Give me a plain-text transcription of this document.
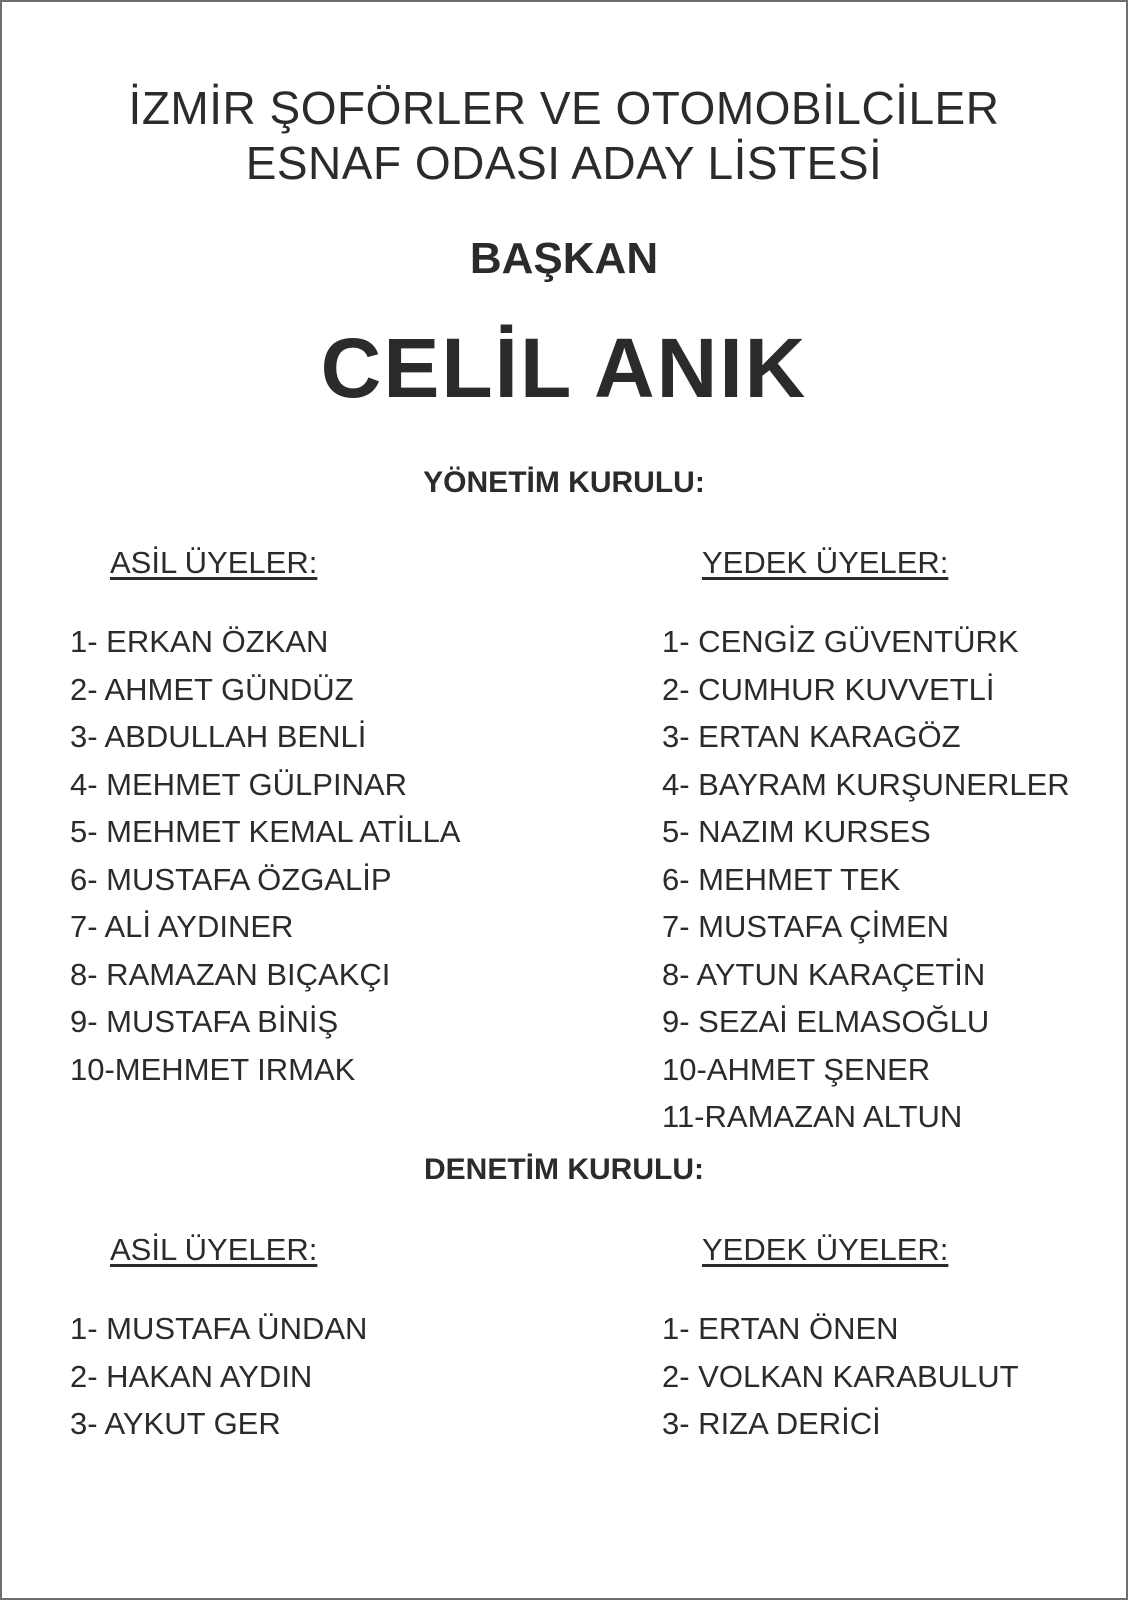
İZMİR ŞOFÖRLER VE OTOMOBİLCİLER
ESNAF ODASI ADAY LİSTESİ
BAŞKAN
CELİL ANIK
YÖNETİM KURULU:
ASİL ÜYELER:	YEDEK ÜYELER:
1- ERKAN ÖZKAN
2- AHMET GÜNDÜZ
3- ABDULLAH BENLİ
4- MEHMET GÜLPINAR
5- MEHMET KEMAL ATİLLA
6- MUSTAFA ÖZGALİP
7- ALİ AYDINER
8- RAMAZAN BIÇAKÇI
9- MUSTAFA BİNİŞ
10-MEHMET IRMAK
1- CENGİZ GÜVENTÜRK
2- CUMHUR KUVVETLİ
3- ERTAN KARAGÖZ
4- BAYRAM KURŞUNERLER
5- NAZIM KURSES
6- MEHMET TEK
7- MUSTAFA ÇİMEN
8- AYTUN KARAÇETİN
9- SEZAİ ELMASOĞLU
10-AHMET ŞENER
11-RAMAZAN ALTUN
DENETİM KURULU:
ASİL ÜYELER:	YEDEK ÜYELER:
1- MUSTAFA ÜNDAN
2- HAKAN AYDIN
3- AYKUT GER
1- ERTAN ÖNEN
2- VOLKAN KARABULUT
3- RIZA DERİCİ
